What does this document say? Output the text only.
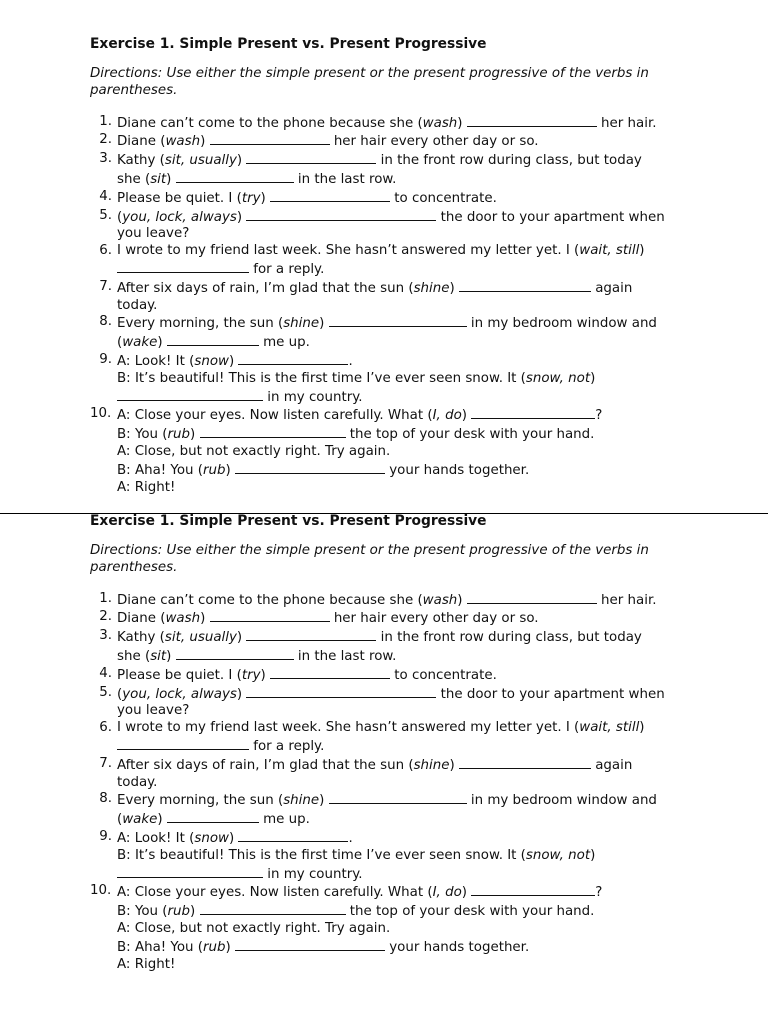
Exercise 1. Simple Present vs. Present Progressive
Directions: Use either the simple present or the present progressive of the verbs in parentheses.
1. Diane can’t come to the phone because she (wash)	her hair.
2. Diane (wash)	her hair every other day or so.
3. Kathy (sit, usually)	in the front row during class, but today
she (sit)	in the last row.
4. Please be quiet. I (try)	to concentrate.
5. (you, lock, always)	the door to your apartment when
you leave?
6. I wrote to my friend last week. She hasn’t answered my letter yet. I (wait, still)
for a reply.
7. After six days of rain, I’m glad that the sun (shine)	again
today.
8. Every morning, the sun (shine)	in my bedroom window and
(wake)	me up.
9. A: Look! It (snow)	.
B: It’s beautiful! This is the first time I’ve ever seen snow. It (snow, not)
in my country.
10. A: Close your eyes. Now listen carefully. What (I, do)	?
B: You (rub)	the top of your desk with your hand.
A: Close, but not exactly right. Try again.
B: Aha! You (rub)	your hands together.
A: Right!
Exercise 1. Simple Present vs. Present Progressive
Directions: Use either the simple present or the present progressive of the verbs in parentheses.
1. Diane can’t come to the phone because she (wash)	her hair.
2. Diane (wash)	her hair every other day or so.
3. Kathy (sit, usually)	in the front row during class, but today
she (sit)	in the last row.
4. Please be quiet. I (try)	to concentrate.
5. (you, lock, always)	the door to your apartment when
you leave?
6. I wrote to my friend last week. She hasn’t answered my letter yet. I (wait, still)
for a reply.
7. After six days of rain, I’m glad that the sun (shine)	again
today.
8. Every morning, the sun (shine)	in my bedroom window and
(wake)	me up.
9. A: Look! It (snow)	.
B: It’s beautiful! This is the first time I’ve ever seen snow. It (snow, not)
in my country.
10. A: Close your eyes. Now listen carefully. What (I, do)	?
B: You (rub)	the top of your desk with your hand.
A: Close, but not exactly right. Try again.
B: Aha! You (rub)	your hands together.
A: Right!
